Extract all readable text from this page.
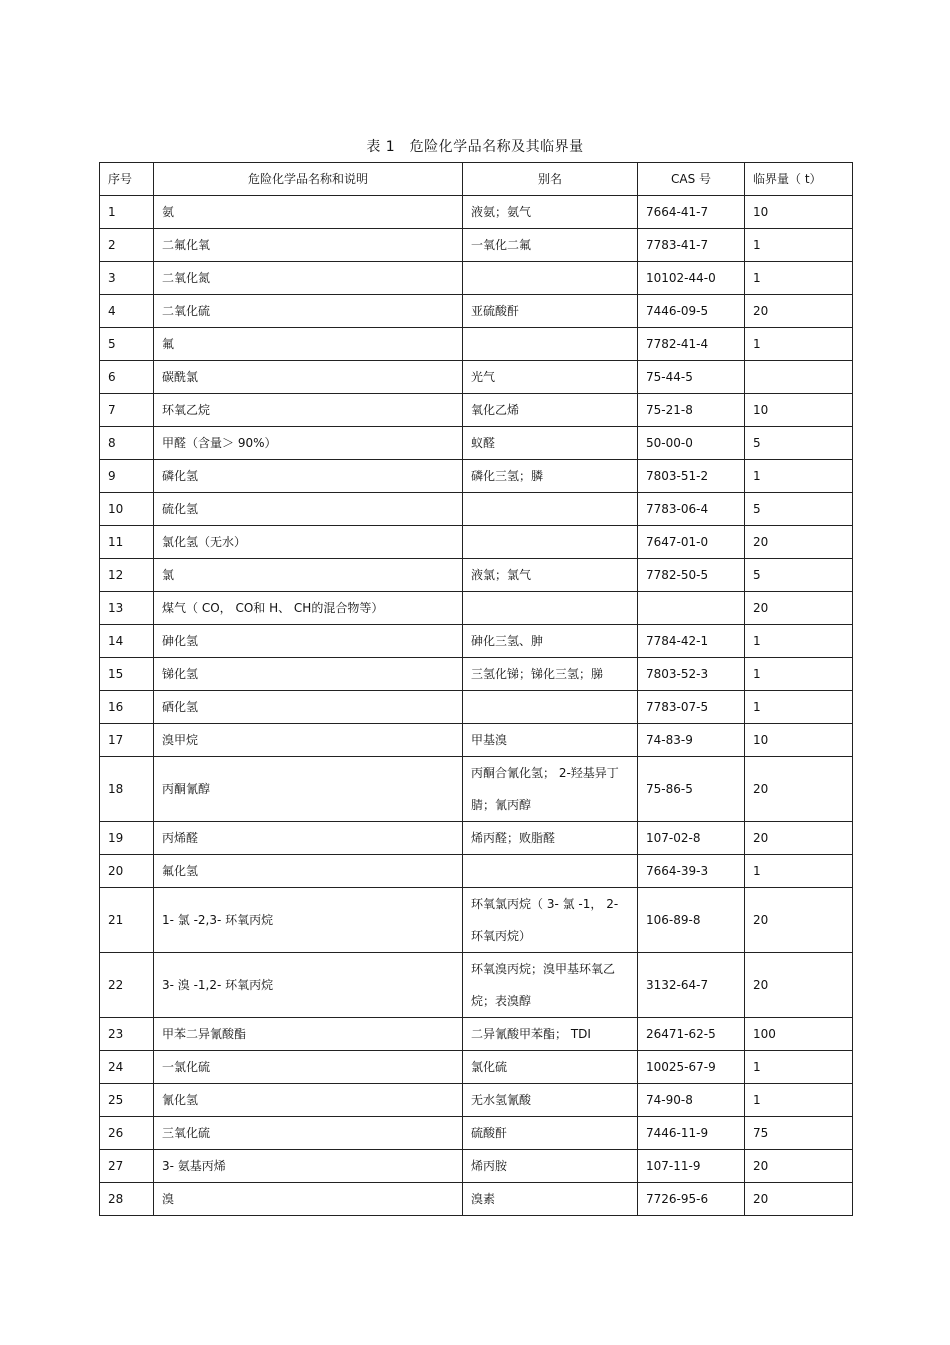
表 1　危险化学品名称及其临界量
序号	危险化学品名称和说明	别名	CAS 号	临界量（ t）
1	氨	液氨；氨气	7664-41-7	10
2	二氟化氧	一氧化二氟	7783-41-7	1
3	二氧化氮		10102-44-0	1
4	二氧化硫	亚硫酸酐	7446-09-5	20
5	氟		7782-41-4	1
6	碳酰氯	光气	75-44-5	
7	环氧乙烷	氧化乙烯	75-21-8	10
8	甲醛（含量＞ 90%）	蚁醛	50-00-0	5
9	磷化氢	磷化三氢；膦	7803-51-2	1
10	硫化氢		7783-06-4	5
11	氯化氢（无水）		7647-01-0	20
12	氯	液氯；氯气	7782-50-5	5
13	煤气（ CO， CO和 H、 CH的混合物等）			20
14	砷化氢	砷化三氢、胂	7784-42-1	1
15	锑化氢	三氢化锑；锑化三氢；䏲	7803-52-3	1
16	硒化氢		7783-07-5	1
17	溴甲烷	甲基溴	74-83-9	10
18	丙酮氰醇	丙酮合氰化氢； 2-羟基异丁腈；氰丙醇	75-86-5	20
19	丙烯醛	烯丙醛；败脂醛	107-02-8	20
20	氟化氢		7664-39-3	1
21	1- 氯 -2,3- 环氧丙烷	环氧氯丙烷（ 3- 氯 -1， 2- 环氧丙烷）	106-89-8	20
22	3- 溴 -1,2- 环氧丙烷	环氧溴丙烷；溴甲基环氧乙烷；表溴醇	3132-64-7	20
23	甲苯二异氰酸酯	二异氰酸甲苯酯； TDI	26471-62-5	100
24	一氯化硫	氯化硫	10025-67-9	1
25	氰化氢	无水氢氰酸	74-90-8	1
26	三氧化硫	硫酸酐	7446-11-9	75
27	3- 氨基丙烯	烯丙胺	107-11-9	20
28	溴	溴素	7726-95-6	20
